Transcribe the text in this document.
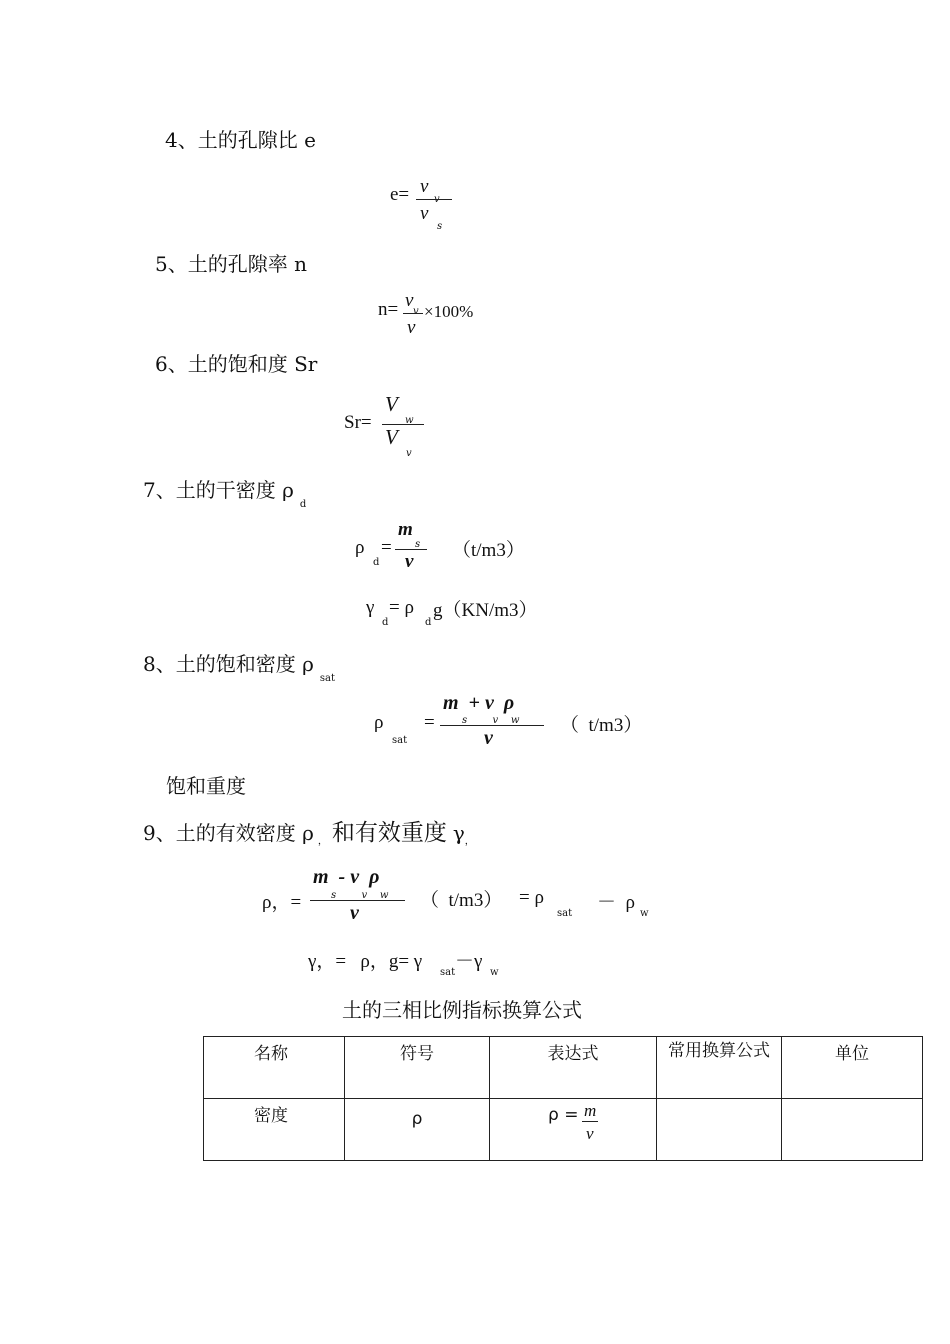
4、土的孔隙比 e
e= v
v
v
s
5、土的孔隙率 n
n= v
v
v
×100%
6、土的饱和度 Sr
Sr=
V
w
V
v
7、土的干密度 $\rho_d$
ρ
d
=
m
s
v
（t/m3）
γ
d
= ρ
d
g（KN/m3）
8、土的饱和密度 $\rho_{sat}$
ρ
sat
=
m  + v  ρ
s        v    w
v
（  t/m3）
饱和重度
9、土的有效密度 ρ $_,$ 和有效重度 $\gamma_,$
ρ，=
m  - v  ρ
s        v    w
v
（  t/m3） = ρ
sat
－  ρ
w
γ，=   ρ，g= γ
sat
－γ
w
土的三相比例指标换算公式
名称	符号	表达式	常用换算公式	单位
密度	ρ	ρ = m
v		
